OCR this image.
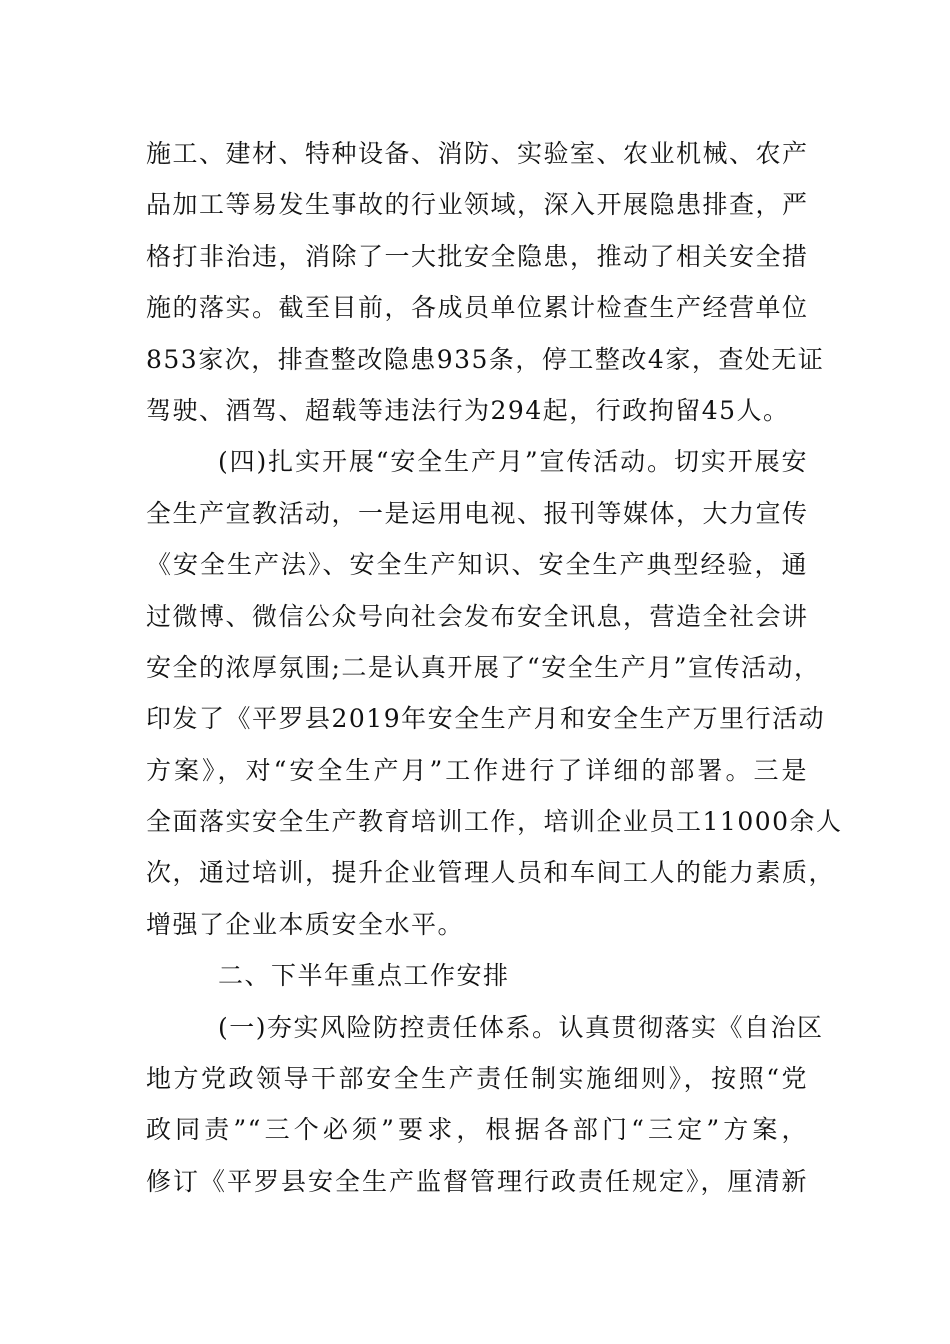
施工、建材、特种设备、消防、实验室、农业机械、农产
品加工等易发生事故的行业领域，深入开展隐患排查，严
格打非治违，消除了一大批安全隐患，推动了相关安全措
施的落实。截至目前，各成员单位累计检查生产经营单位
853家次，排查整改隐患935条，停工整改4家，查处无证
驾驶、酒驾、超载等违法行为294起，行政拘留45人。
(四)扎实开展“安全生产月”宣传活动。切实开展安
全生产宣教活动，一是运用电视、报刊等媒体，大力宣传
《安全生产法》、安全生产知识、安全生产典型经验，通
过微博、微信公众号向社会发布安全讯息，营造全社会讲
安全的浓厚氛围;二是认真开展了“安全生产月”宣传活动，
印发了《平罗县2019年安全生产月和安全生产万里行活动
方案》，对“安全生产月”工作进行了详细的部署。三是
全面落实安全生产教育培训工作，培训企业员工11000余人
次，通过培训，提升企业管理人员和车间工人的能力素质，
增强了企业本质安全水平。
二、下半年重点工作安排
(一)夯实风险防控责任体系。认真贯彻落实《自治区
地方党政领导干部安全生产责任制实施细则》，按照“党
政同责”“三个必须”要求，根据各部门“三定”方案，
修订《平罗县安全生产监督管理行政责任规定》，厘清新
